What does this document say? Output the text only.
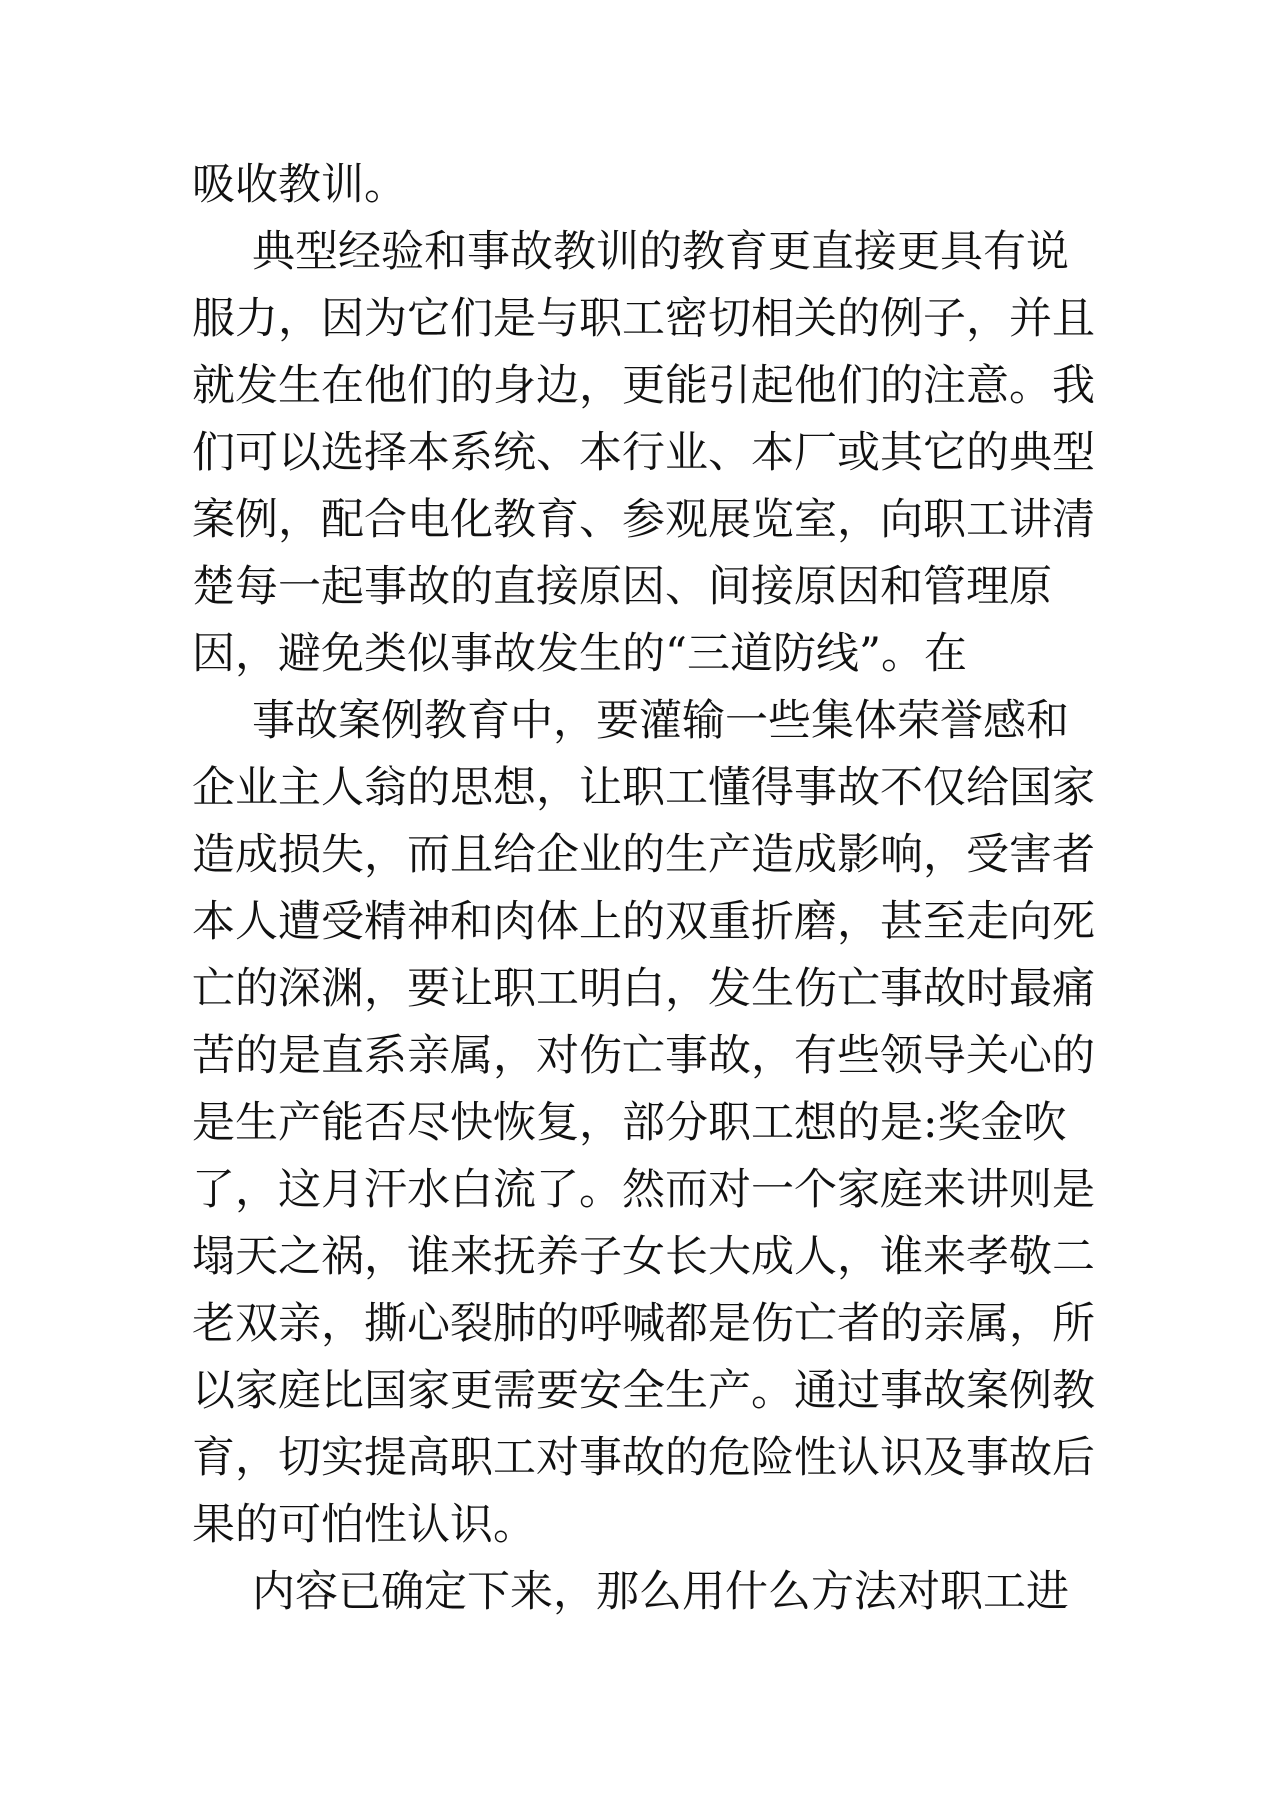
吸收教训。
典型经验和事故教训的教育更直接更具有说
服力，因为它们是与职工密切相关的例子，并且
就发生在他们的身边，更能引起他们的注意。我
们可以选择本系统、本行业、本厂或其它的典型
案例，配合电化教育、参观展览室，向职工讲清
楚每一起事故的直接原因、间接原因和管理原
因，避免类似事故发生的“三道防线”。在
事故案例教育中，要灌输一些集体荣誉感和
企业主人翁的思想，让职工懂得事故不仅给国家
造成损失，而且给企业的生产造成影响，受害者
本人遭受精神和肉体上的双重折磨，甚至走向死
亡的深渊，要让职工明白，发生伤亡事故时最痛
苦的是直系亲属，对伤亡事故，有些领导关心的
是生产能否尽快恢复，部分职工想的是:奖金吹
了，这月汗水白流了。然而对一个家庭来讲则是
塌天之祸，谁来抚养子女长大成人，谁来孝敬二
老双亲，撕心裂肺的呼喊都是伤亡者的亲属，所
以家庭比国家更需要安全生产。通过事故案例教
育，切实提高职工对事故的危险性认识及事故后
果的可怕性认识。
内容已确定下来，那么用什么方法对职工进
